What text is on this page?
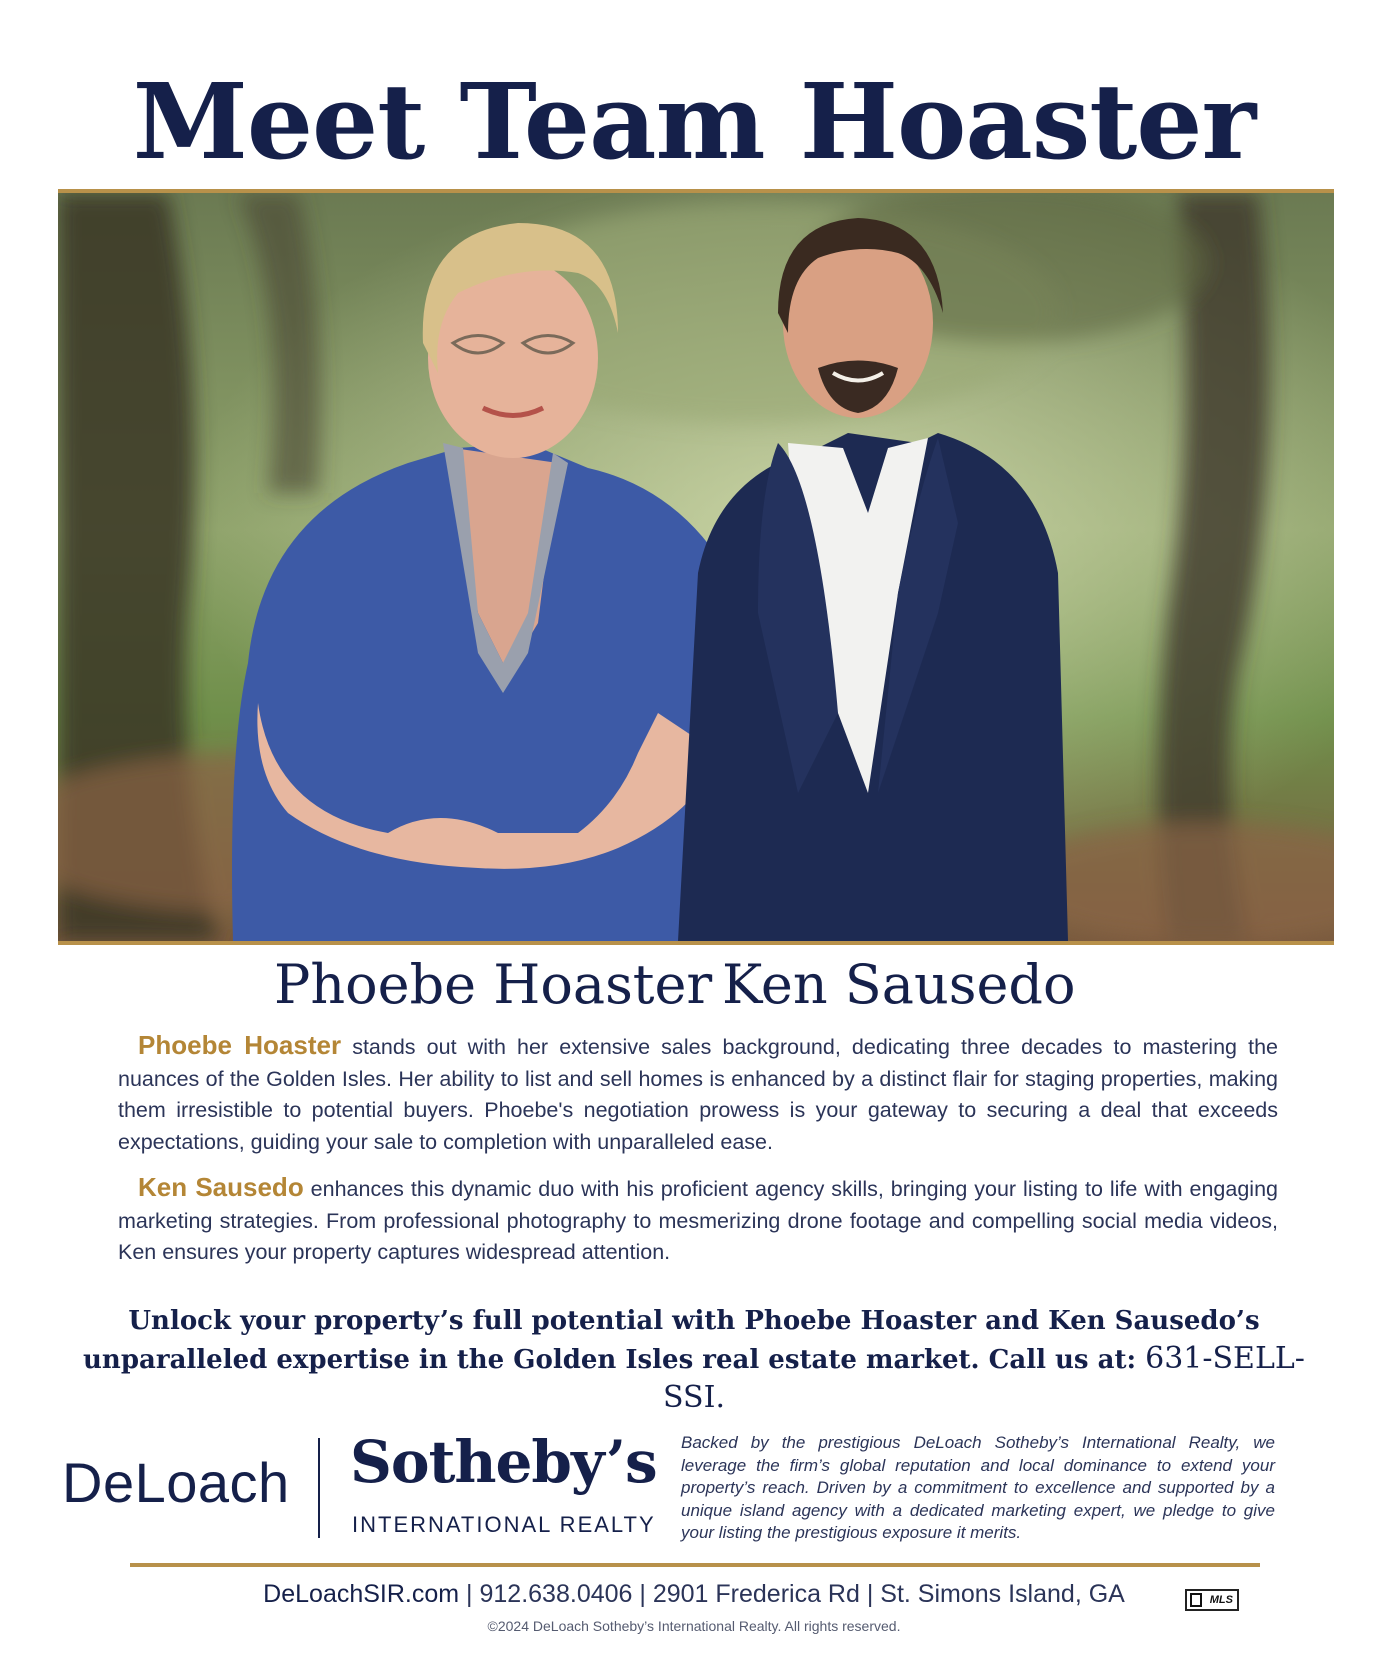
Meet Team Hoaster
Phoebe Hoaster Ken Sausedo

Phoebe Hoaster stands out with her extensive sales background, dedicating three decades to mastering the nuances of the Golden Isles. Her ability to list and sell homes is enhanced by a distinct flair for staging properties, making them irresistible to potential buyers. Phoebe's negotiation prowess is your gateway to securing a deal that exceeds expectations, guiding your sale to completion with unparalleled ease.

Ken Sausedo enhances this dynamic duo with his proficient agency skills, bringing your listing to life with engaging marketing strategies. From professional photography to mesmerizing drone footage and compelling social media videos, Ken ensures your property captures widespread attention.

Unlock your property’s full potential with Phoebe Hoaster and Ken Sausedo’s unparalleled expertise in the Golden Isles real estate market. Call us at: 631-SELL-SSI.

DeLoach Sotheby’s
INTERNATIONAL REALTY

Backed by the prestigious DeLoach Sotheby’s International Realty, we leverage the firm’s global reputation and local dominance to extend your property’s reach. Driven by a commitment to excellence and supported by a unique island agency with a dedicated marketing expert, we pledge to give your listing the prestigious exposure it merits.

DeLoachSIR.com | 912.638.0406 | 2901 Frederica Rd | St. Simons Island, GA	MLS
©2024 DeLoach Sotheby’s International Realty. All rights reserved.
